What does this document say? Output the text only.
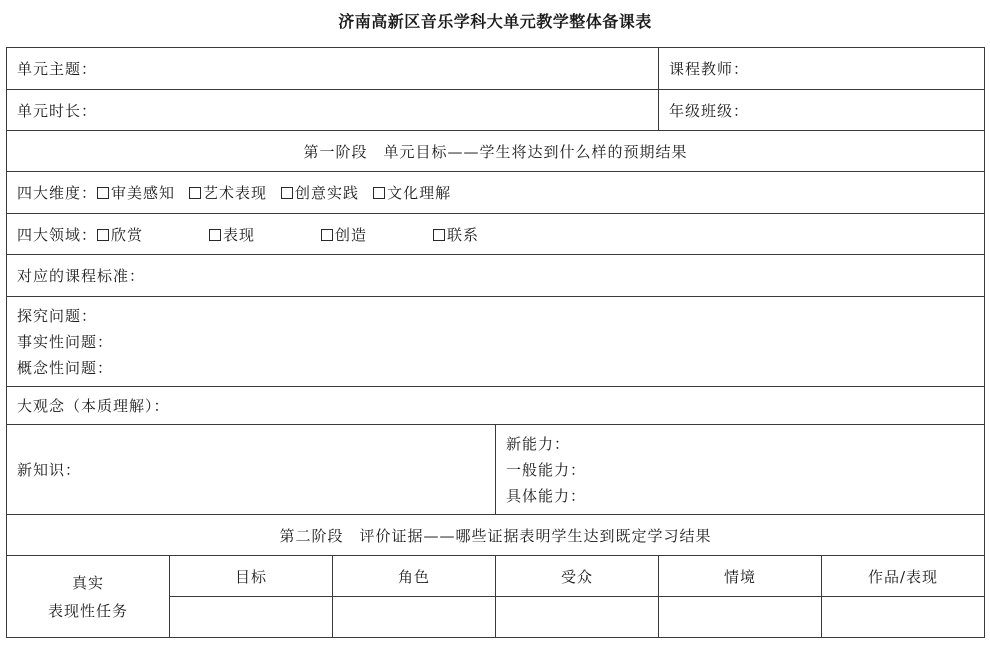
济南高新区音乐学科大单元教学整体备课表
单元主题：				课程教师：	
单元时长：				年级班级：	
第一阶段　单元目标——学生将达到什么样的预期结果					
四大维度： 审美感知 艺术表现 创意实践 文化理解					
四大领域： 欣赏 表现 创造 联系					
对应的课程标准：					

探究问题：
事实性问题：
概念性问题：					

大观念（本质理解）：					
新知识：			新能力：
一般能力：
具体能力：		

第二阶段　评价证据——哪些证据表明学生达到既定学习结果					

真实
表现性任务	目标	角色	受众	情境	作品/表现
